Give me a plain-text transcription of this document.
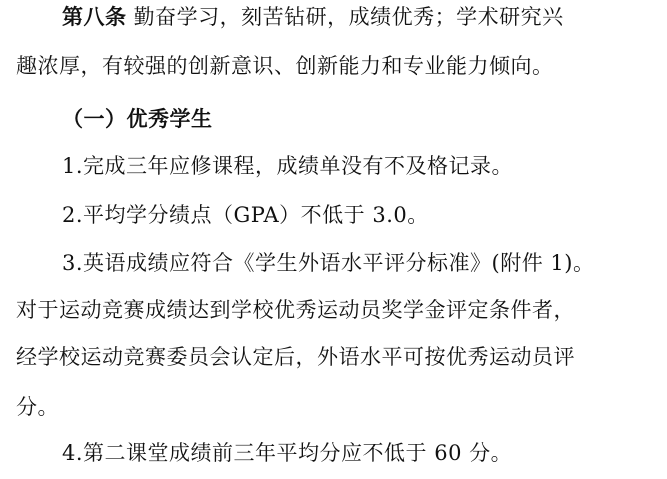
第八条 勤奋学习，刻苦钻研，成绩优秀；学术研究兴
趣浓厚，有较强的创新意识、创新能力和专业能力倾向。
（一）优秀学生
1.完成三年应修课程，成绩单没有不及格记录。
2.平均学分绩点（GPA）不低于 3.0。
3.英语成绩应符合《学生外语水平评分标准》(附件 1)。
对于运动竞赛成绩达到学校优秀运动员奖学金评定条件者，
经学校运动竞赛委员会认定后，外语水平可按优秀运动员评
分。
4.第二课堂成绩前三年平均分应不低于 60 分。
